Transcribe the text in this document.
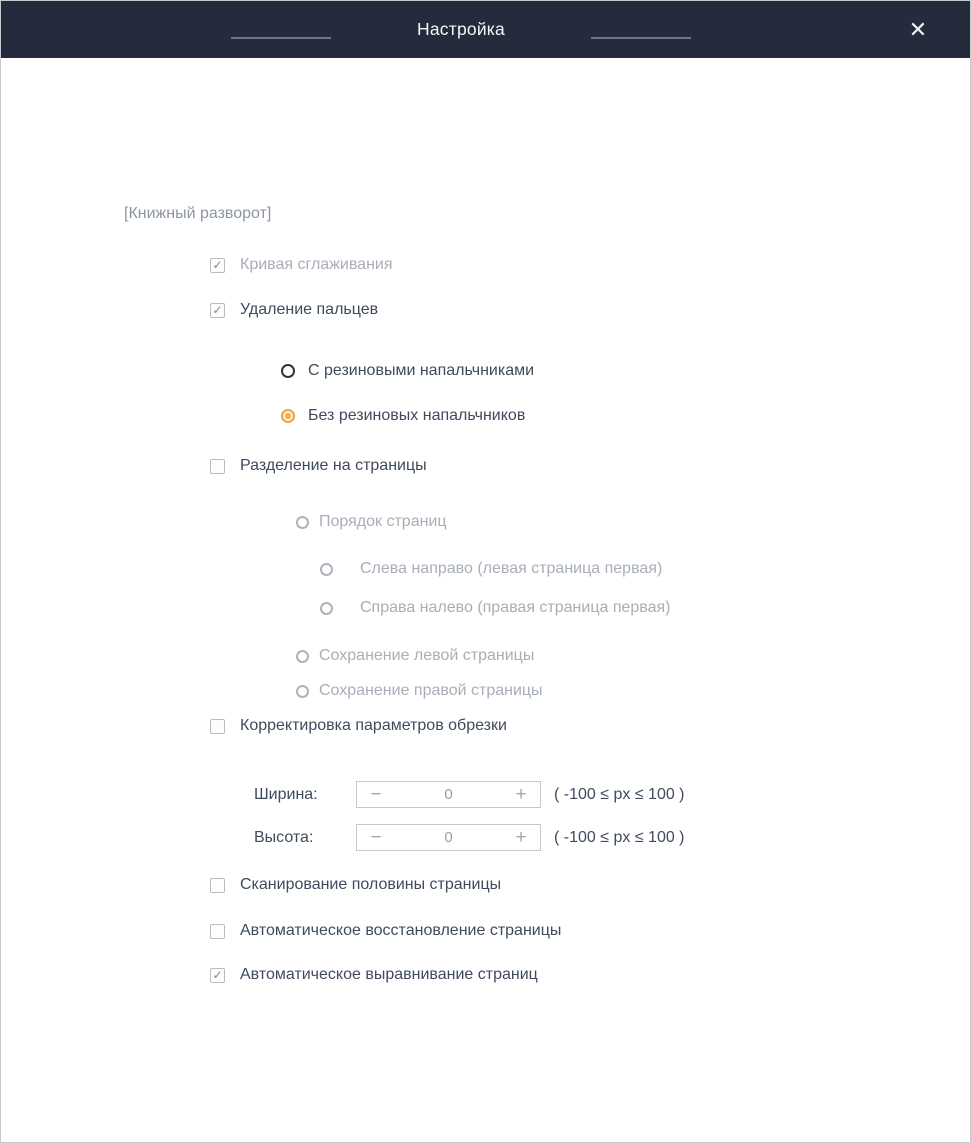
Настройка	✕
[Книжный разворот]
✓ Кривая сглаживания
✓ Удаление пальцев
С резиновыми напальчниками
Без резиновых напальчников
Разделение на страницы
Порядок страниц
Слева направо (левая страница первая)
Справа налево (правая страница первая)
Сохранение левой страницы
Сохранение правой страницы
Корректировка параметров обрезки
Ширина:	−	0	+	( -100 ≤ px ≤ 100 )
Высота:	−	0	+	( -100 ≤ px ≤ 100 )
Сканирование половины страницы
Автоматическое восстановление страницы
✓ Автоматическое выравнивание страниц
